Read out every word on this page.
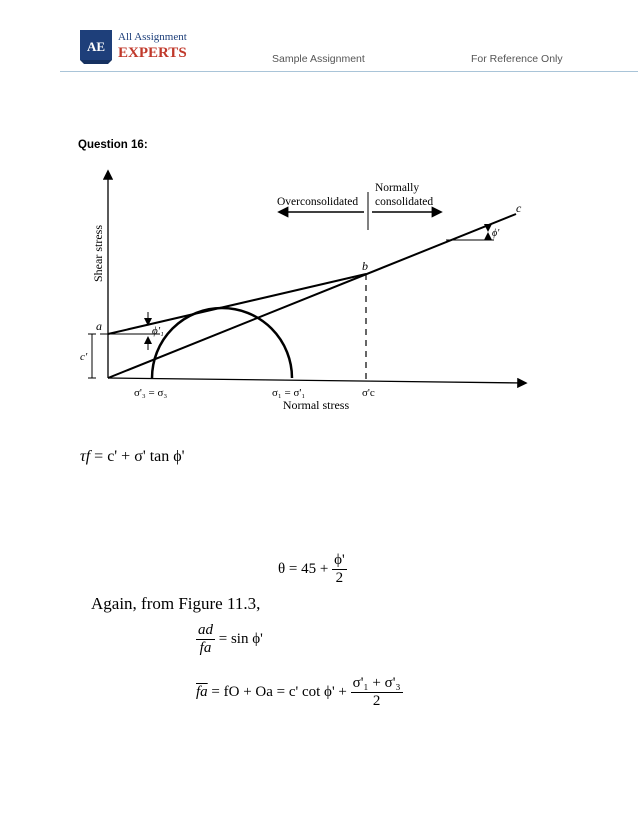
AE
All Assignment
EXPERTS	Sample Assignment	For Reference Only
Question 16:
Shear stress
Normal stress
Overconsolidated
Normally
consolidated
a
b
c
c'
ϕ'₁
ϕ'
σ'₃ = σ₃	σ₁ = σ'₁	σ'c
τf = c' + σ' tan ϕ'
$\theta = 45 + \frac{\phi'}{2}$
Again, from Figure 11.3,
$\frac{ad}{fa} = \sin \phi'$
$\overline{fa}$ = fO + Oa = c' $\cot \phi' + \frac{\text{σ'₁ + σ'₃}}{2}$
